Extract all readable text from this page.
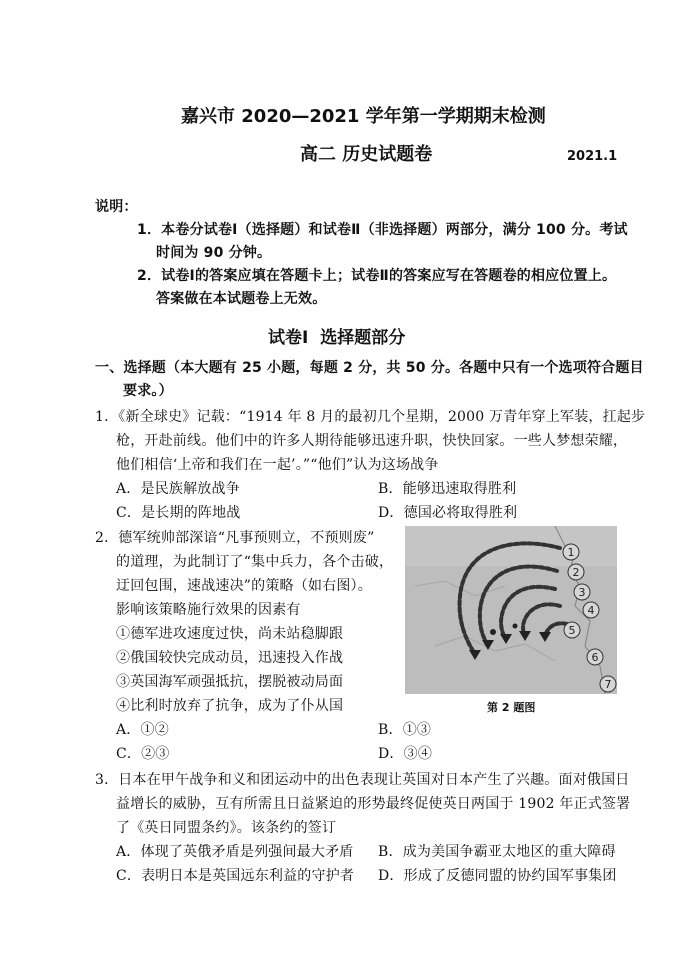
嘉兴市 2020—2021 学年第一学期期末检测
高二 历史试题卷	2021.1
说明：
1．本卷分试卷Ⅰ（选择题）和试卷Ⅱ（非选择题）两部分，满分 100 分。考试
时间为 90 分钟。
2．试卷Ⅰ的答案应填在答题卡上；试卷Ⅱ的答案应写在答题卷的相应位置上。
答案做在本试题卷上无效。
试卷Ⅰ 选择题部分
一、选择题（本大题有 25 小题，每题 2 分，共 50 分。各题中只有一个选项符合题目
要求。）
1．《新全球史》记载：“1914 年 8 月的最初几个星期，2000 万青年穿上军装，扛起步
枪，开赴前线。他们中的许多人期待能够迅速升职，快快回家。一些人梦想荣耀，
他们相信‘上帝和我们在一起’。”“他们”认为这场战争
A．是民族解放战争	B．能够迅速取得胜利
C．是长期的阵地战	D．德国必将取得胜利
2．德军统帅部深谙“凡事预则立，不预则废”
的道理，为此制订了“集中兵力，各个击破，
迂回包围，速战速决”的策略（如右图）。
影响该策略施行效果的因素有
①德军进攻速度过快，尚未站稳脚跟
②俄国较快完成动员，迅速投入作战
③英国海军顽强抵抗，摆脱被动局面
④比利时放弃了抗争，成为了仆从国
A．①②	B．①③
C．②③	D．③④
1
2
3
4
5
6
7
第 2 题图
3．日本在甲午战争和义和团运动中的出色表现让英国对日本产生了兴趣。面对俄国日
益增长的威胁，互有所需且日益紧迫的形势最终促使英日两国于 1902 年正式签署
了《英日同盟条约》。该条约的签订
A．体现了英俄矛盾是列强间最大矛盾 B．成为美国争霸亚太地区的重大障碍
C．表明日本是英国远东利益的守护者 D．形成了反德同盟的协约国军事集团
